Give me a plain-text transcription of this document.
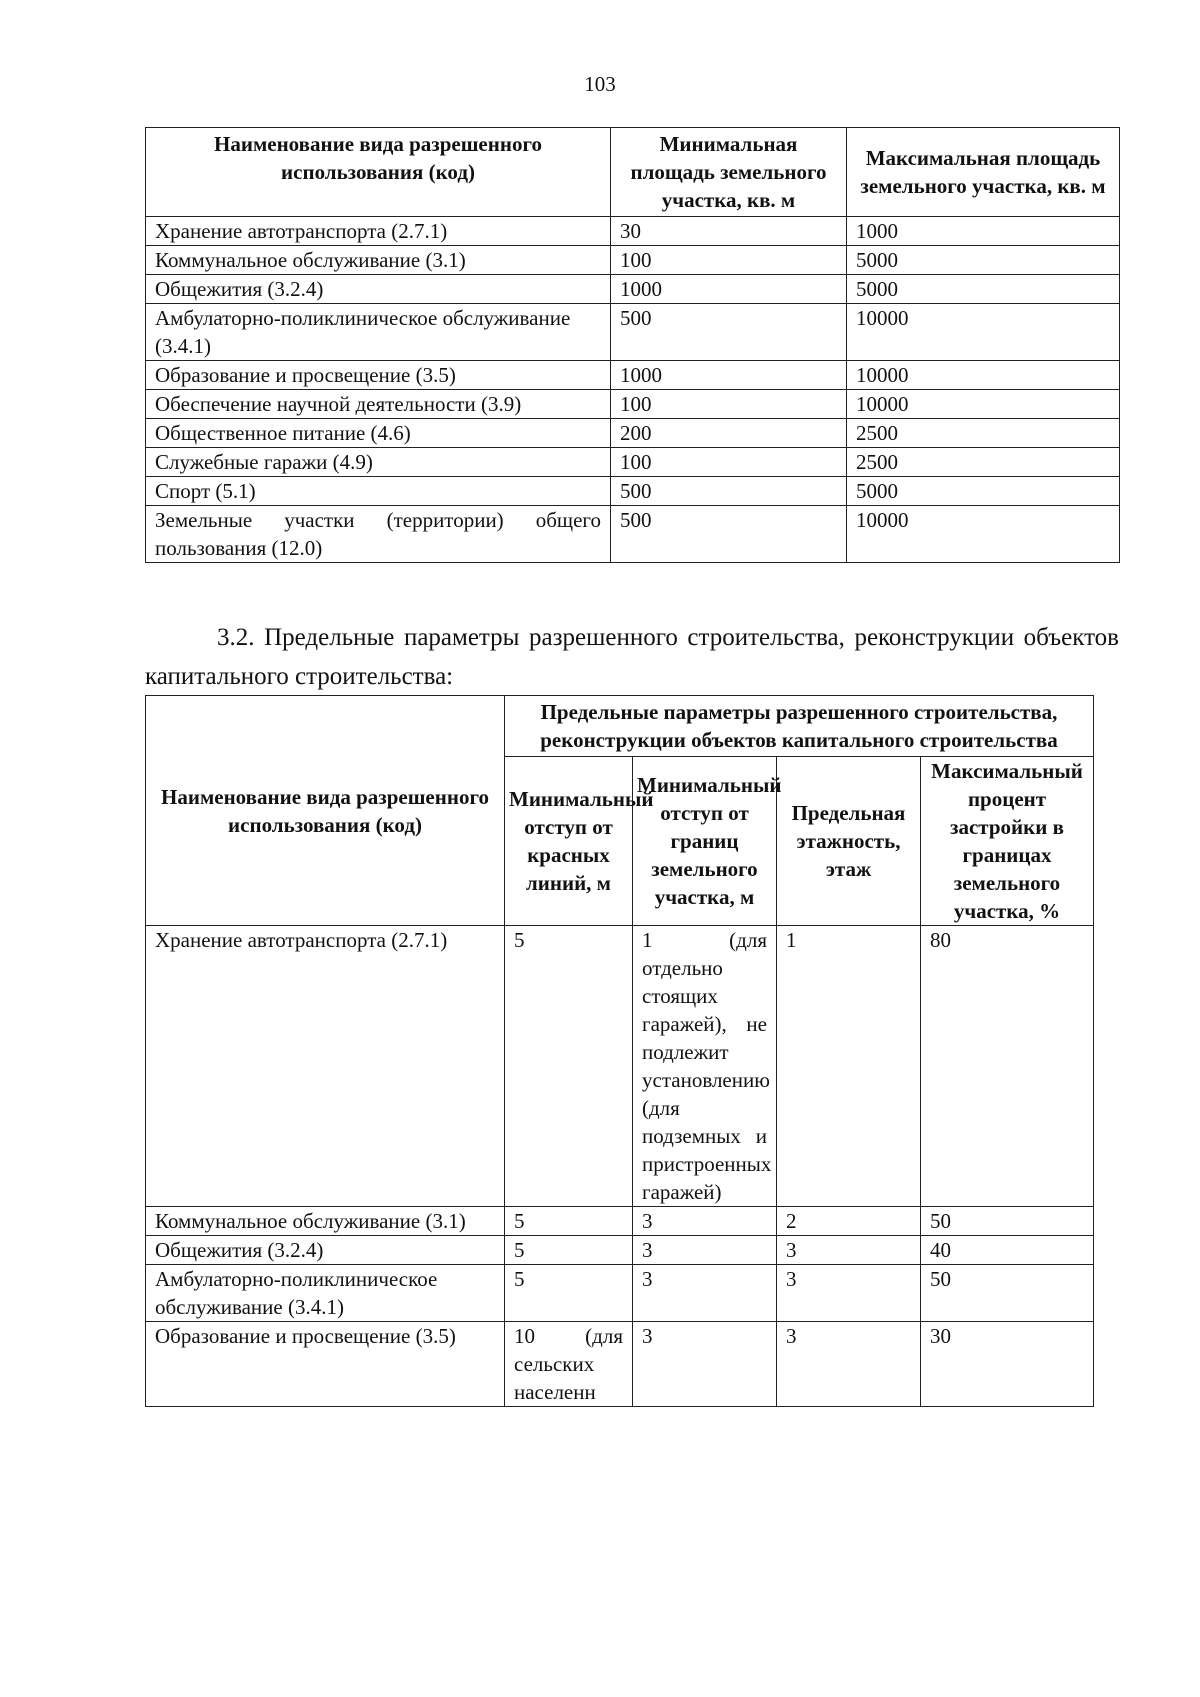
103
Наименование вида разрешенного использования (код)	Минимальная площадь земельного участка, кв. м	Максимальная площадь земельного участка, кв. м
Хранение автотранспорта (2.7.1)	30	1000
Коммунальное обслуживание (3.1)	100	5000
Общежития (3.2.4)	1000	5000
Амбулаторно-поликлиническое обслуживание (3.4.1)	500	10000
Образование и просвещение (3.5)	1000	10000
Обеспечение научной деятельности (3.9)	100	10000
Общественное питание (4.6)	200	2500
Служебные гаражи (4.9)	100	2500
Спорт (5.1)	500	5000
Земельные участки (территории) общего пользования (12.0)	500	10000

3.2. Предельные параметры разрешенного строительства, реконструкции объектов капитального строительства:

Наименование вида разрешенного использования (код)	Предельные параметры разрешенного строительства, реконструкции объектов капитального строительства			
	Минимальный отступ от красных линий, м	Минимальный отступ от границ земельного участка, м	Предельная этажность, этаж	Максимальный процент застройки в границах земельного участка, %
Хранение автотранспорта (2.7.1)	5	1 (для отдельно стоящих гаражей), не подлежит установлению (для подземных и пристроенных гаражей)	1	80
Коммунальное обслуживание (3.1)	5	3	2	50
Общежития (3.2.4)	5	3	3	40
Амбулаторно-поликлиническое обслуживание (3.4.1)	5	3	3	50
Образование и просвещение (3.5)	10 (для сельских населенн	3	3	30
